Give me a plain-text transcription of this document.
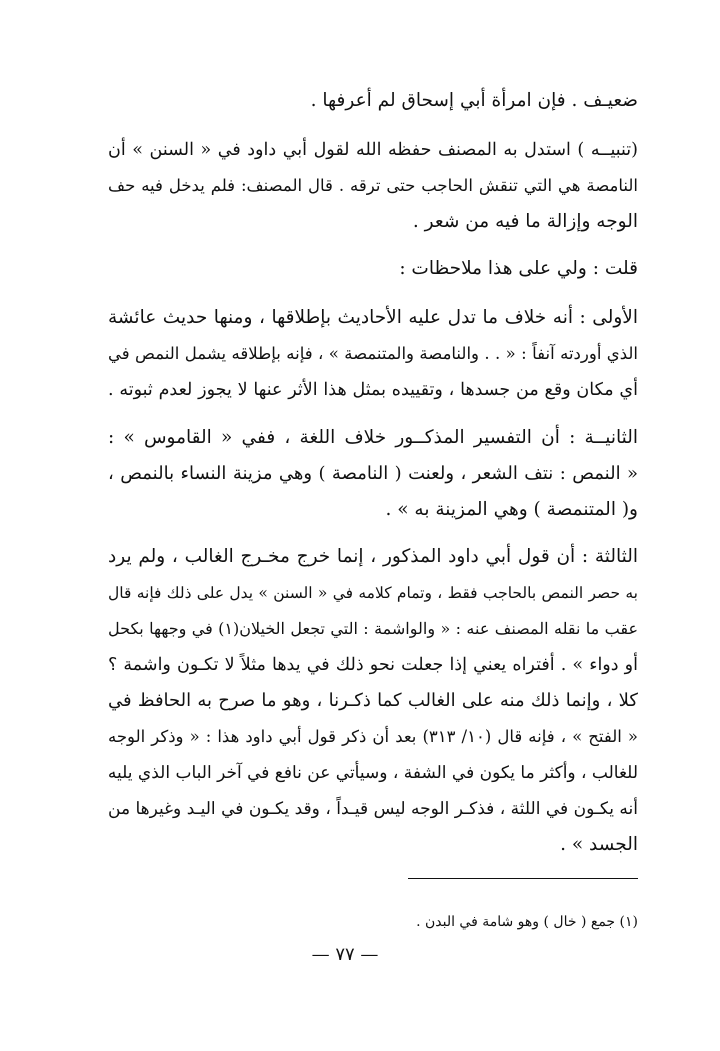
ضعيـف . فإن امرأة أبي إسحاق لم أعرفها .

(تنبيــه ) استدل به المصنف حفظه الله لقول أبي داود في « السنن » أن

النامصة هي التي تنقش الحاجب حتى ترقه . قال المصنف: فلم يدخل فيه حف

الوجه وإزالة ما فيه من شعر .

قلت : ولي على هذا ملاحظات :

الأولى : أنه خلاف ما تدل عليه الأحاديث بإطلاقها ، ومنها حديث عائشة

الذي أوردته آنفاً : « . . والنامصة والمتنمصة » ، فإنه بإطلاقه يشمل النمص في

أي مكان وقع من جسدها ، وتقييده بمثل هذا الأثر عنها لا يجوز لعدم ثبوته .

الثانيــة : أن التفسير المذكــور خلاف اللغة ، ففي « القاموس » :

« النمص : نتف الشعر ، ولعنت ( النامصة ) وهي مزينة النساء بالنمص ،

و( المتنمصة ) وهي المزينة به » .

الثالثة : أن قول أبي داود المذكور ، إنما خرج مخـرج الغالب ، ولم يرد

به حصر النمص بالحاجب فقط ، وتمام كلامه في « السنن » يدل على ذلك فإنه قال

عقب ما نقله المصنف عنه : « والواشمة : التي تجعل الخيلان(١) في وجهها بكحل

أو دواء » . أفتراه يعني إذا جعلت نحو ذلك في يدها مثلاً لا تكـون واشمة ؟

كلا ، وإنما ذلك منه على الغالب كما ذكـرنا ، وهو ما صرح به الحافظ في

« الفتح » ، فإنه قال (١٠/ ٣١٣) بعد أن ذكر قول أبي داود هذا : « وذكر الوجه

للغالب ، وأكثر ما يكون في الشفة ، وسيأتي عن نافع في آخر الباب الذي يليه

أنه يكـون في اللثة ، فذكـر الوجه ليس قيـداً ، وقد يكـون في اليـد وغيرها من

الجسد » .

(١) جمع ( خال ) وهو شامة في البدن .

— ٧٧ —
